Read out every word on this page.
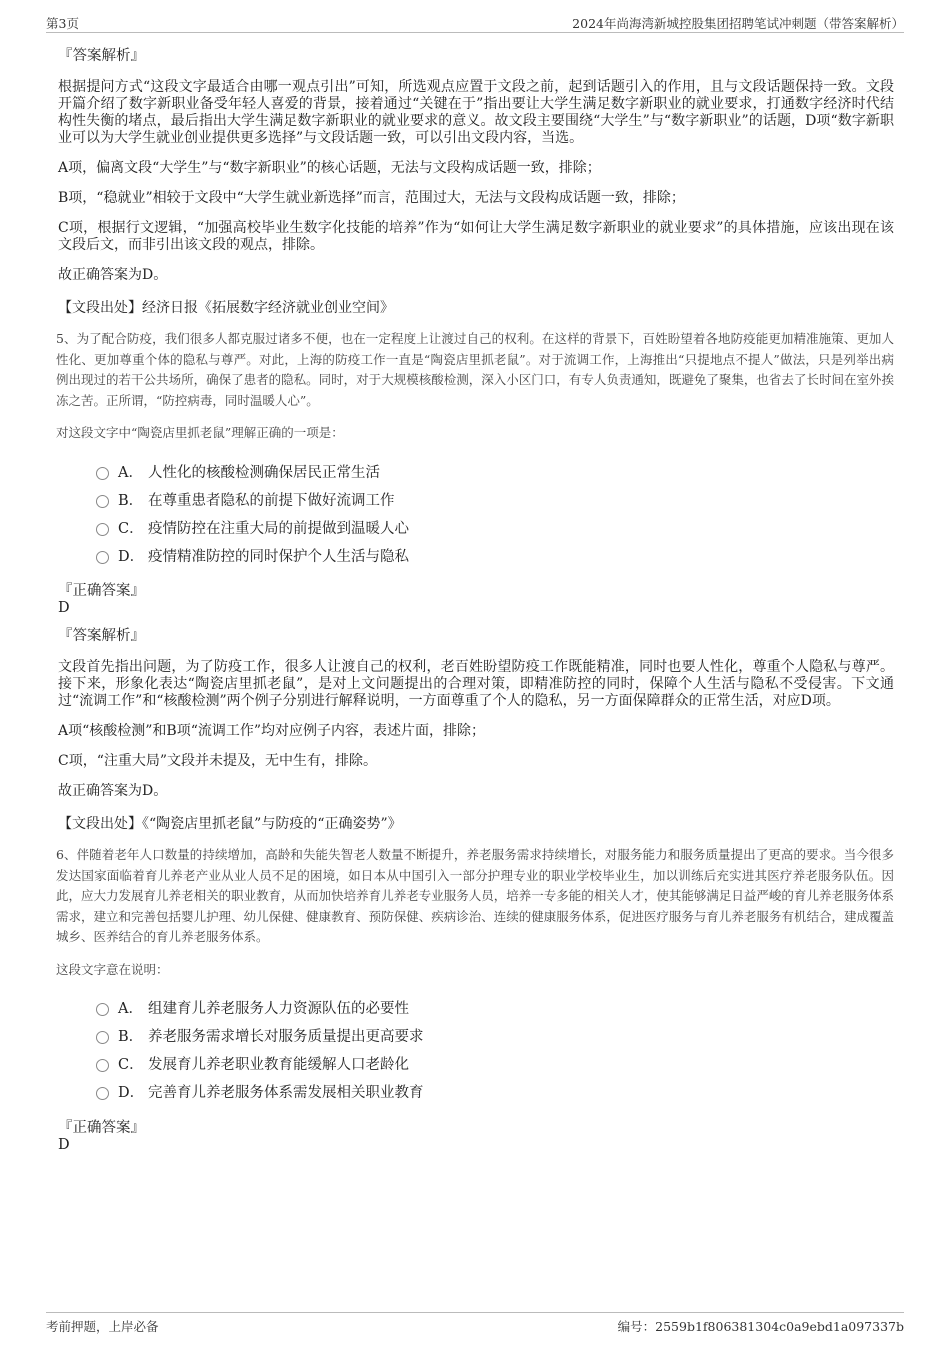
第3页	2024年尚海湾新城控股集团招聘笔试冲刺题（带答案解析）
『答案解析』

根据提问方式“这段文字最适合由哪一观点引出”可知，所选观点应置于文段之前，起到话题引入的作用，且与文段话题保持一致。文段开篇介绍了数字新职业备受年轻人喜爱的背景，接着通过“关键在于”指出要让大学生满足数字新职业的就业要求，打通数字经济时代结构性失衡的堵点，最后指出大学生满足数字新职业的就业要求的意义。故文段主要围绕“大学生”与“数字新职业”的话题，D项“数字新职业可以为大学生就业创业提供更多选择”与文段话题一致，可以引出文段内容，当选。

A项，偏离文段“大学生”与“数字新职业”的核心话题，无法与文段构成话题一致，排除；

B项，“稳就业”相较于文段中“大学生就业新选择”而言，范围过大，无法与文段构成话题一致，排除；

C项，根据行文逻辑，“加强高校毕业生数字化技能的培养”作为“如何让大学生满足数字新职业的就业要求”的具体措施，应该出现在该文段后文，而非引出该文段的观点，排除。

故正确答案为D。

【文段出处】经济日报《拓展数字经济就业创业空间》

5、为了配合防疫，我们很多人都克服过诸多不便，也在一定程度上让渡过自己的权利。在这样的背景下，百姓盼望着各地防疫能更加精准施策、更加人性化、更加尊重个体的隐私与尊严。对此，上海的防疫工作一直是“陶瓷店里抓老鼠”。对于流调工作，上海推出“只提地点不提人”做法，只是列举出病例出现过的若干公共场所，确保了患者的隐私。同时，对于大规模核酸检测，深入小区门口，有专人负责通知，既避免了聚集，也省去了长时间在室外挨冻之苦。正所谓，“防控病毒，同时温暖人心”。

对这段文字中“陶瓷店里抓老鼠”理解正确的一项是：
A． 人性化的核酸检测确保居民正常生活
B． 在尊重患者隐私的前提下做好流调工作
C． 疫情防控在注重大局的前提做到温暖人心
D． 疫情精准防控的同时保护个人生活与隐私
『正确答案』
D
『答案解析』

文段首先指出问题，为了防疫工作，很多人让渡自己的权利，老百姓盼望防疫工作既能精准，同时也要人性化，尊重个人隐私与尊严。接下来，形象化表达“陶瓷店里抓老鼠”，是对上文问题提出的合理对策，即精准防控的同时，保障个人生活与隐私不受侵害。下文通过“流调工作”和“核酸检测”两个例子分别进行解释说明，一方面尊重了个人的隐私，另一方面保障群众的正常生活，对应D项。

A项“核酸检测”和B项“流调工作”均对应例子内容，表述片面，排除；

C项，“注重大局”文段并未提及，无中生有，排除。

故正确答案为D。

【文段出处】《“陶瓷店里抓老鼠”与防疫的“正确姿势”》

6、伴随着老年人口数量的持续增加，高龄和失能失智老人数量不断提升，养老服务需求持续增长，对服务能力和服务质量提出了更高的要求。当今很多发达国家面临着育儿养老产业从业人员不足的困境，如日本从中国引入一部分护理专业的职业学校毕业生，加以训练后充实进其医疗养老服务队伍。因此，应大力发展育儿养老相关的职业教育，从而加快培养育儿养老专业服务人员，培养一专多能的相关人才，使其能够满足日益严峻的育儿养老服务体系需求，建立和完善包括婴儿护理、幼儿保健、健康教育、预防保健、疾病诊治、连续的健康服务体系，促进医疗服务与育儿养老服务有机结合，建成覆盖城乡、医养结合的育儿养老服务体系。

这段文字意在说明：
A． 组建育儿养老服务人力资源队伍的必要性
B． 养老服务需求增长对服务质量提出更高要求
C． 发展育儿养老职业教育能缓解人口老龄化
D． 完善育儿养老服务体系需发展相关职业教育
『正确答案』
D
考前押题，上岸必备	编号：2559b1f806381304c0a9ebd1a097337b
